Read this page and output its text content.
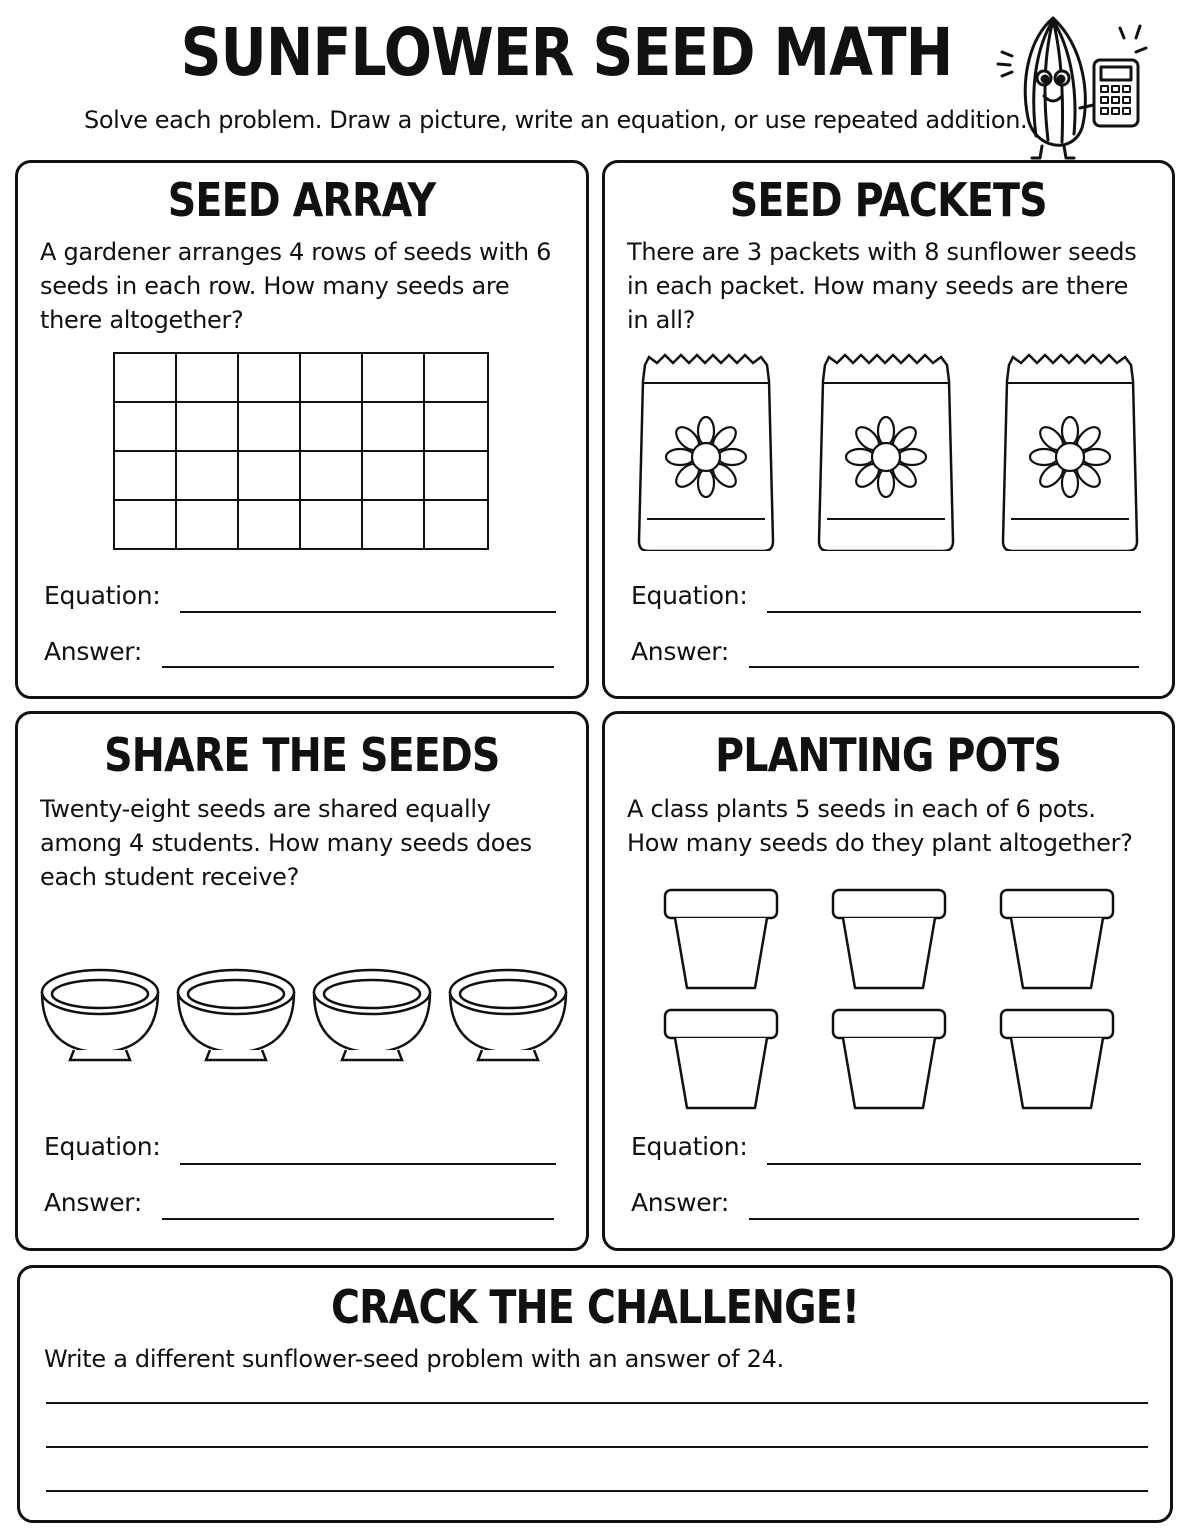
SUNFLOWER SEED MATH
Solve each problem. Draw a picture, write an equation, or use repeated addition.
SEED ARRAY
A gardener arranges 4 rows of seeds with 6 seeds in each row. How many seeds are there altogether?
Equation:
Answer:
SEED PACKETS
There are 3 packets with 8 sunflower seeds in each packet. How many seeds are there in all?
Equation:
Answer:
SHARE THE SEEDS
Twenty-eight seeds are shared equally among 4 students. How many seeds does each student receive?
Equation:
Answer:
PLANTING POTS
A class plants 5 seeds in each of 6 pots. How many seeds do they plant altogether?
Equation:
Answer:
CRACK THE CHALLENGE!
Write a different sunflower-seed problem with an answer of 24.
